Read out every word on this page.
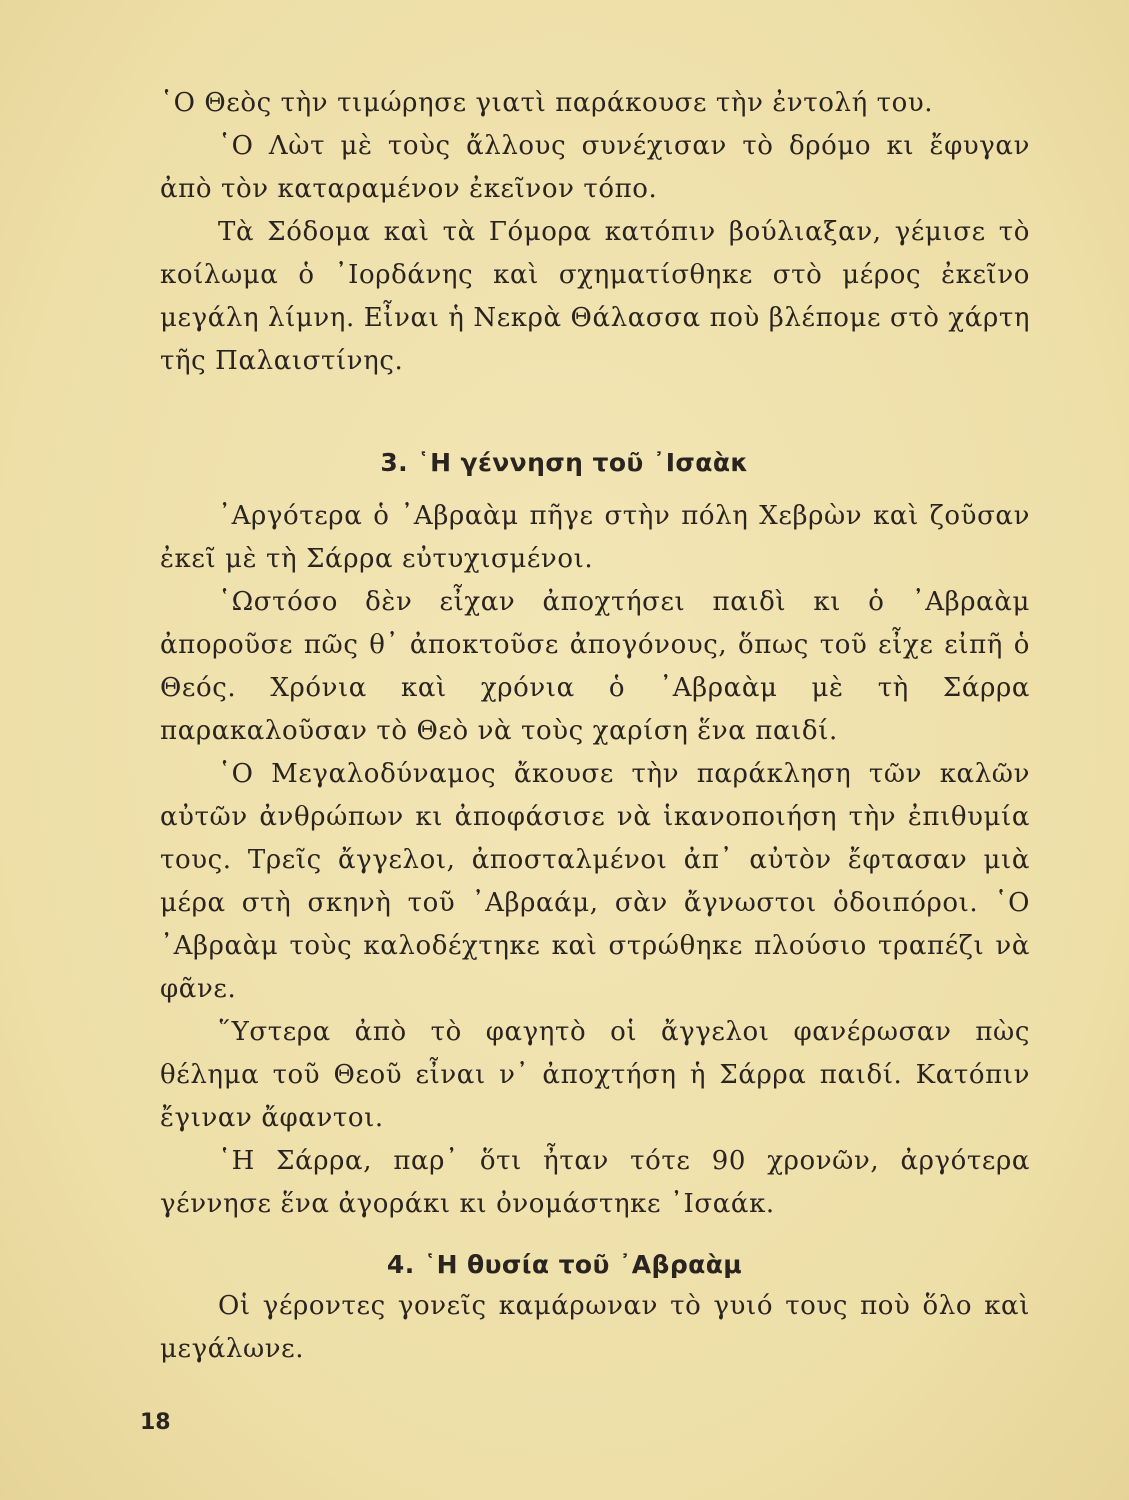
῾Ο Θεὸς τὴν τιμώρησε γιατὶ παράκουσε τὴν ἐντολή του.

῾Ο Λὼτ μὲ τοὺς ἄλλους συνέχισαν τὸ δρόμο κι ἔφυγαν ἀπὸ τὸν καταραμένον ἐκεῖνον τόπο.

Τὰ Σόδομα καὶ τὰ Γόμορα κατόπιν βούλιαξαν, γέμισε τὸ κοίλωμα ὁ ᾽Ιορδάνης καὶ σχηματίσθηκε στὸ μέρος ἐκεῖνο μεγάλη λίμνη. Εἶναι ἡ Νεκρὰ Θάλασσα ποὺ βλέπομε στὸ χάρτη τῆς Παλαιστίνης.

3. ῾Η γέννηση τοῦ ᾽Ισαὰκ

᾽Αργότερα ὁ ᾽Αβραὰμ πῆγε στὴν πόλη Χεβρὼν καὶ ζοῦσαν ἐκεῖ μὲ τὴ Σάρρα εὐτυχισμένοι.

῾Ωστόσο δὲν εἶχαν ἀποχτήσει παιδὶ κι ὁ ᾽Αβραὰμ ἀποροῦσε πῶς θ᾽ ἀποκτοῦσε ἀπογόνους, ὅπως τοῦ εἶχε εἰπῆ ὁ Θεός. Χρόνια καὶ χρόνια ὁ ᾽Αβραὰμ μὲ τὴ Σάρρα παρακαλοῦσαν τὸ Θεὸ νὰ τοὺς χαρίση ἕνα παιδί.

῾Ο Μεγαλοδύναμος ἄκουσε τὴν παράκληση τῶν καλῶν αὐτῶν ἀνθρώπων κι ἀποφάσισε νὰ ἱκανοποιήση τὴν ἐπιθυμία τους. Τρεῖς ἄγγελοι, ἀποσταλμένοι ἀπ᾽ αὐτὸν ἔφτασαν μιὰ μέρα στὴ σκηνὴ τοῦ ᾽Αβραάμ, σὰν ἄγνωστοι ὁδοιπόροι. ῾Ο ᾽Αβραὰμ τοὺς καλοδέχτηκε καὶ στρώθηκε πλούσιο τραπέζι νὰ φᾶνε.

῞Υστερα ἀπὸ τὸ φαγητὸ οἱ ἄγγελοι φανέρωσαν πὼς θέλημα τοῦ Θεοῦ εἶναι ν᾽ ἀποχτήση ἡ Σάρρα παιδί. Κατόπιν ἔγιναν ἄφαντοι.

῾Η Σάρρα, παρ᾽ ὅτι ἦταν τότε 90 χρονῶν, ἀργότερα γέννησε ἕνα ἀγοράκι κι ὀνομάστηκε ᾽Ισαάκ.

4. ῾Η θυσία τοῦ ᾽Αβραὰμ

Οἱ γέροντες γονεῖς καμάρωναν τὸ γυιό τους ποὺ ὅλο καὶ μεγάλωνε.

18
